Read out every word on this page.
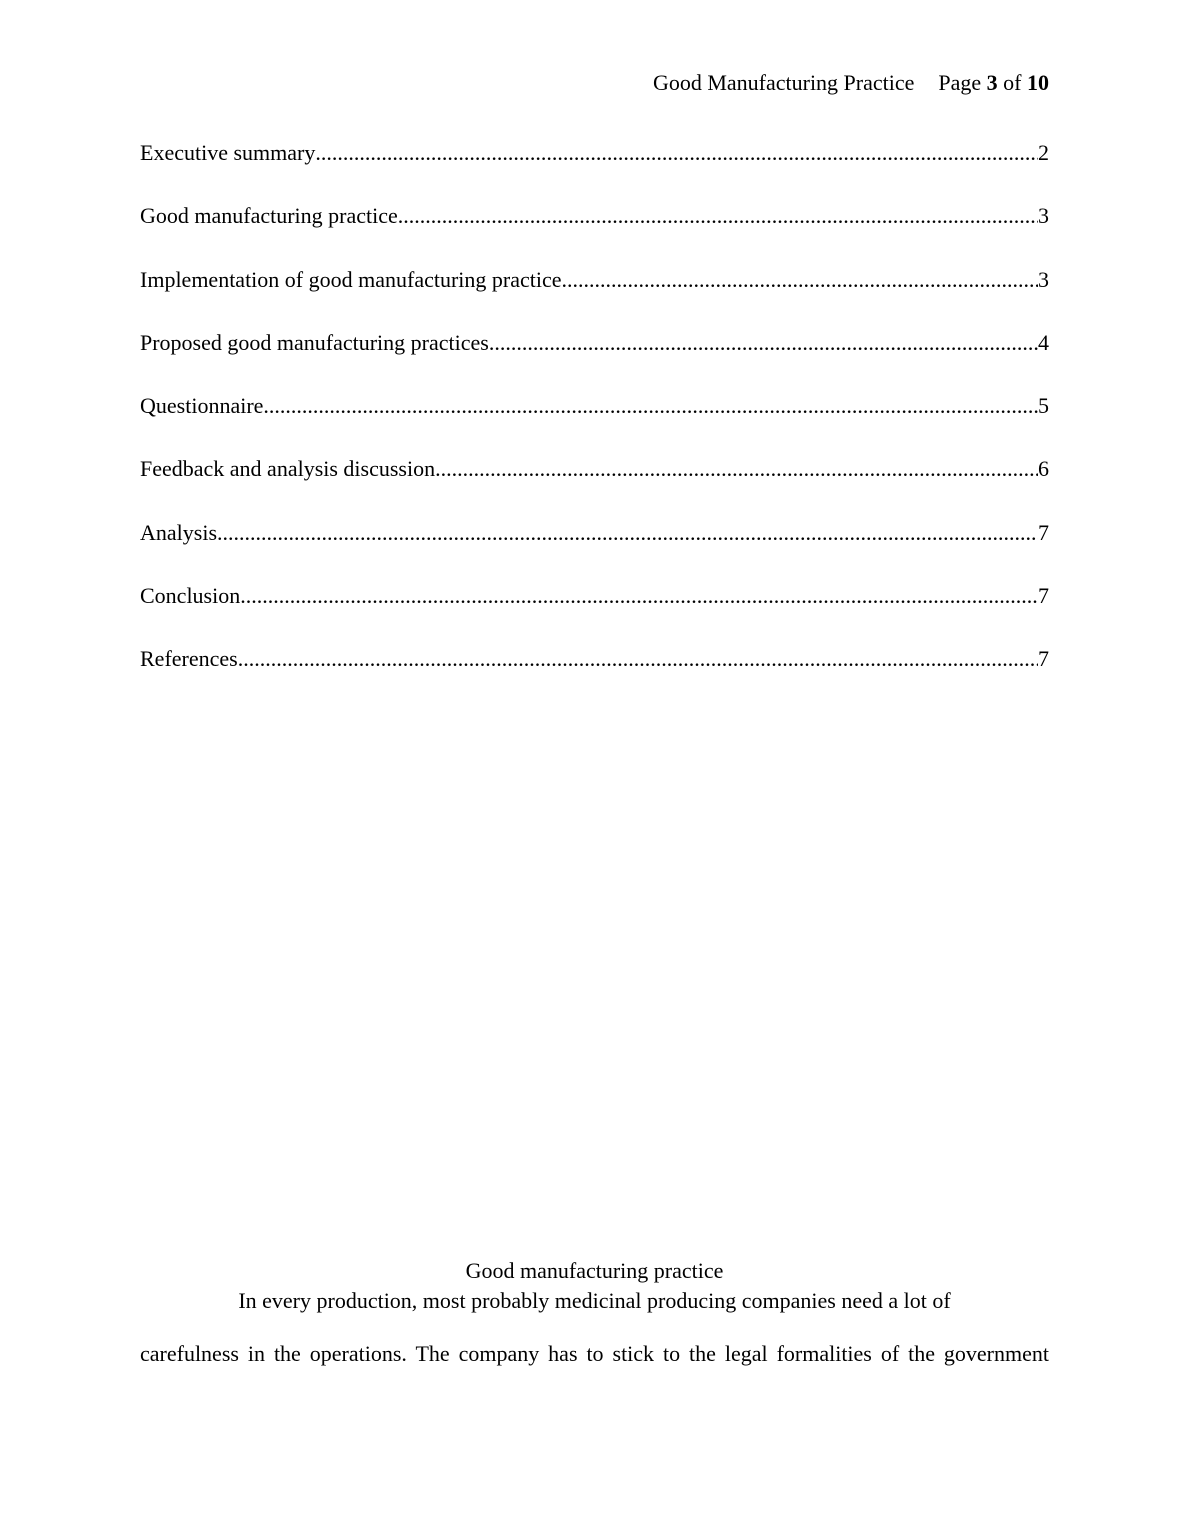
Good Manufacturing Practice Page 3 of 10
Executive summary .....	2
Good manufacturing practice .....	3
Implementation of good manufacturing practice .....	3
Proposed good manufacturing practices .....	4
Questionnaire .....	5
Feedback and analysis discussion .....	6
Analysis .....	7
Conclusion .....	7
References .....	7

Good manufacturing practice

In every production, most probably medicinal producing companies need a lot of

carefulness in the operations. The company has to stick to the legal formalities of the government
